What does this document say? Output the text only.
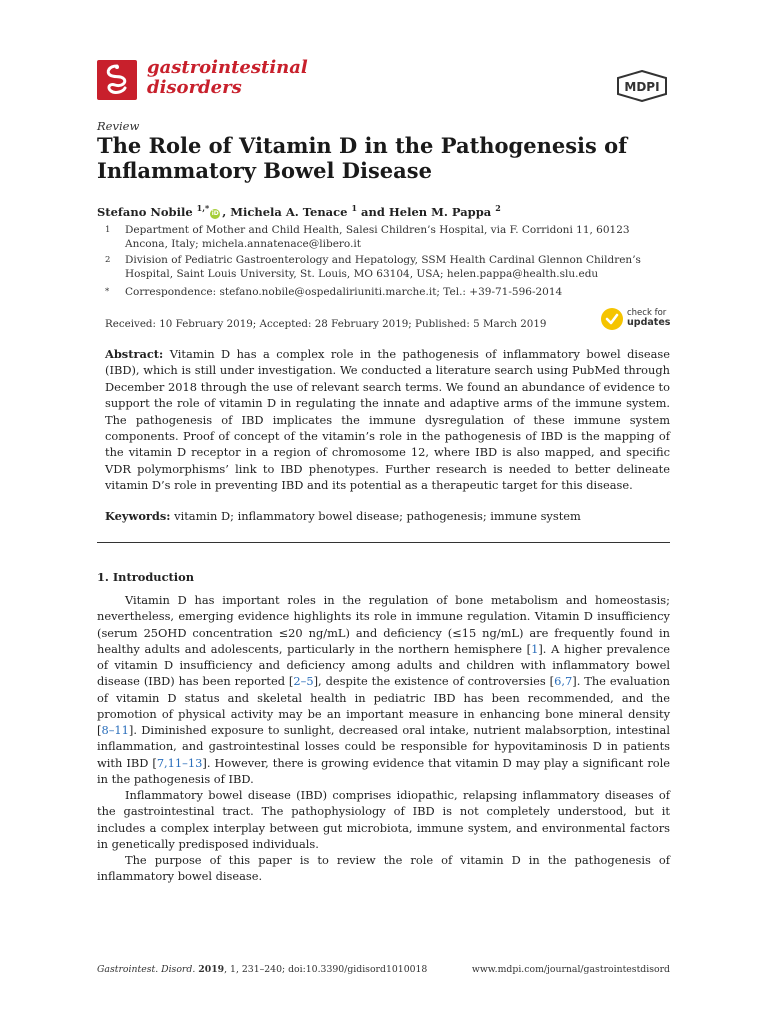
gastrointestinal
disorders	MDPI
Review
The Role of Vitamin D in the Pathogenesis of Inflammatory Bowel Disease
Stefano Nobile $^{1,*}$iD , Michela A. Tenace $^1$ and Helen M. Pappa $^2$
1 Department of Mother and Child Health, Salesi Children’s Hospital, via F. Corridoni 11, 60123 Ancona, Italy; michela.annatenace@libero.it
2 Division of Pediatric Gastroenterology and Hepatology, SSM Health Cardinal Glennon Children’s Hospital, Saint Louis University, St. Louis, MO 63104, USA; helen.pappa@health.slu.edu
* Correspondence: stefano.nobile@ospedaliriuniti.marche.it; Tel.: +39-71-596-2014
Received: 10 February 2019; Accepted: 28 February 2019; Published: 5 March 2019
check for
updates
Abstract: Vitamin D has a complex role in the pathogenesis of inflammatory bowel disease (IBD), which is still under investigation. We conducted a literature search using PubMed through December 2018 through the use of relevant search terms. We found an abundance of evidence to support the role of vitamin D in regulating the innate and adaptive arms of the immune system. The pathogenesis of IBD implicates the immune dysregulation of these immune system components. Proof of concept of the vitamin’s role in the pathogenesis of IBD is the mapping of the vitamin D receptor in a region of chromosome 12, where IBD is also mapped, and specific VDR polymorphisms’ link to IBD phenotypes. Further research is needed to better delineate vitamin D’s role in preventing IBD and its potential as a therapeutic target for this disease.
Keywords: vitamin D; inflammatory bowel disease; pathogenesis; immune system
1. Introduction

Vitamin D has important roles in the regulation of bone metabolism and homeostasis; nevertheless, emerging evidence highlights its role in immune regulation. Vitamin D insufficiency (serum 25OHD concentration ≤20 ng/mL) and deficiency (≤15 ng/mL) are frequently found in healthy adults and adolescents, particularly in the northern hemisphere [1]. A higher prevalence of vitamin D insufficiency and deficiency among adults and children with inflammatory bowel disease (IBD) has been reported [2–5], despite the existence of controversies [6,7]. The evaluation of vitamin D status and skeletal health in pediatric IBD has been recommended, and the promotion of physical activity may be an important measure in enhancing bone mineral density [8–11]. Diminished exposure to sunlight, decreased oral intake, nutrient malabsorption, intestinal inflammation, and gastrointestinal losses could be responsible for hypovitaminosis D in patients with IBD [7,11–13]. However, there is growing evidence that vitamin D may play a significant role in the pathogenesis of IBD.

Inflammatory bowel disease (IBD) comprises idiopathic, relapsing inflammatory diseases of the gastrointestinal tract. The pathophysiology of IBD is not completely understood, but it includes a complex interplay between gut microbiota, immune system, and environmental factors in genetically predisposed individuals.

The purpose of this paper is to review the role of vitamin D in the pathogenesis of inflammatory bowel disease.

Gastrointest. Disord. 2019, 1, 231–240; doi:10.3390/gidisord1010018	www.mdpi.com/journal/gastrointestdisord
